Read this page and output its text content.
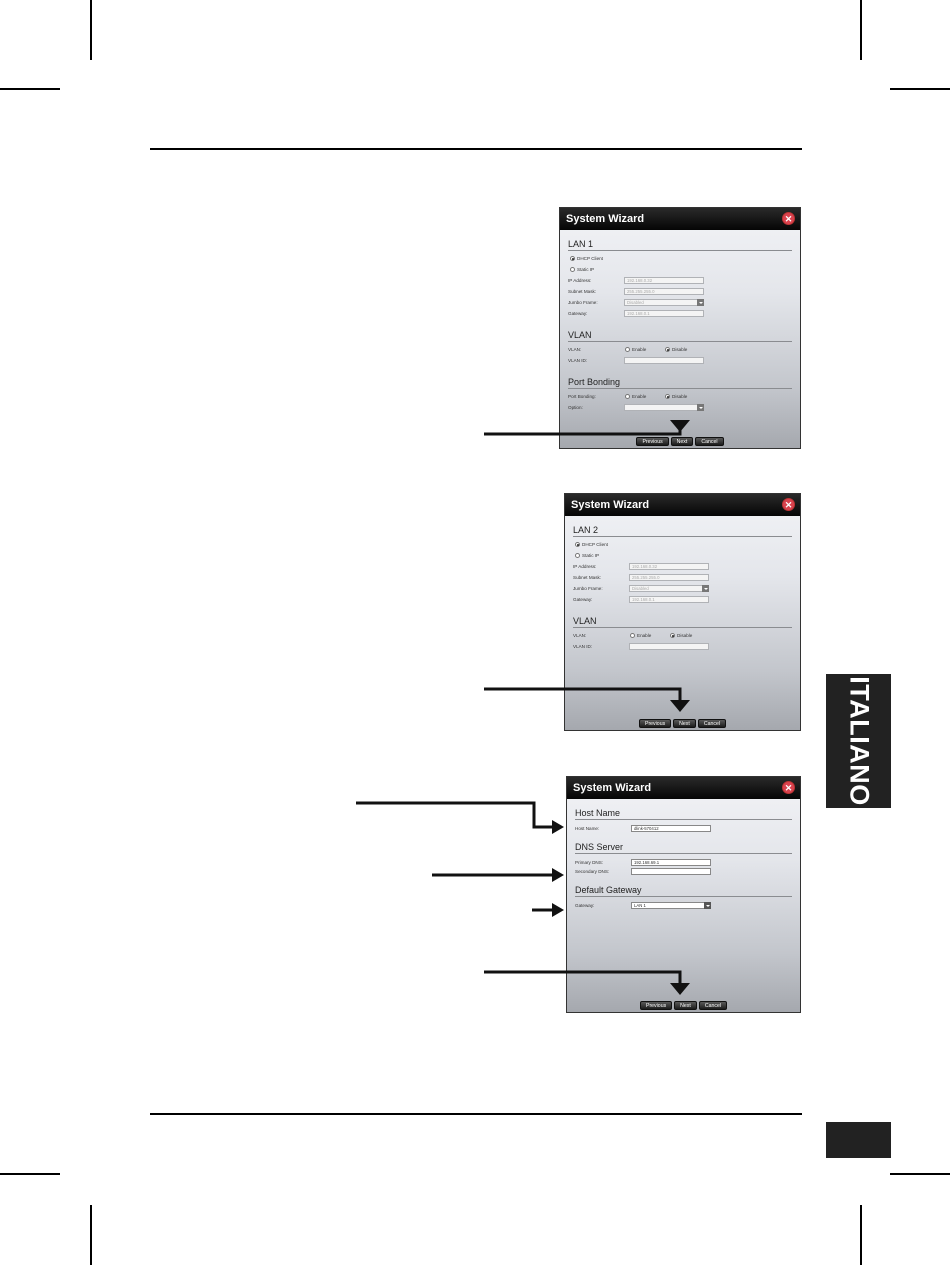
ITALIANO
System Wizard	✕
LAN 1
DHCP Client
Static IP
IP Address:	192.168.0.32
Subnet Mask:	255.255.255.0
Jumbo Frame:	Disabled
Gateway:	192.168.0.1
VLAN
VLAN:	Enable	Disable
VLAN ID:
Port Bonding
Port Bonding:	Enable	Disable
Option:
Previous	Next	Cancel
System Wizard	✕
LAN 2
DHCP Client
Static IP
IP Address:	192.168.0.32
Subnet Mask:	255.255.255.0
Jumbo Frame:	Disabled
Gateway:	192.168.0.1
VLAN
VLAN:	Enable	Disable
VLAN ID:
Previous	Next	Cancel
System Wizard	✕
Host Name
Host Name:	dlink-570412
DNS Server
Primary DNS:	192.168.69.1
Secondary DNS:
Default Gateway
Gateway:	LAN 1
Previous	Next	Cancel
